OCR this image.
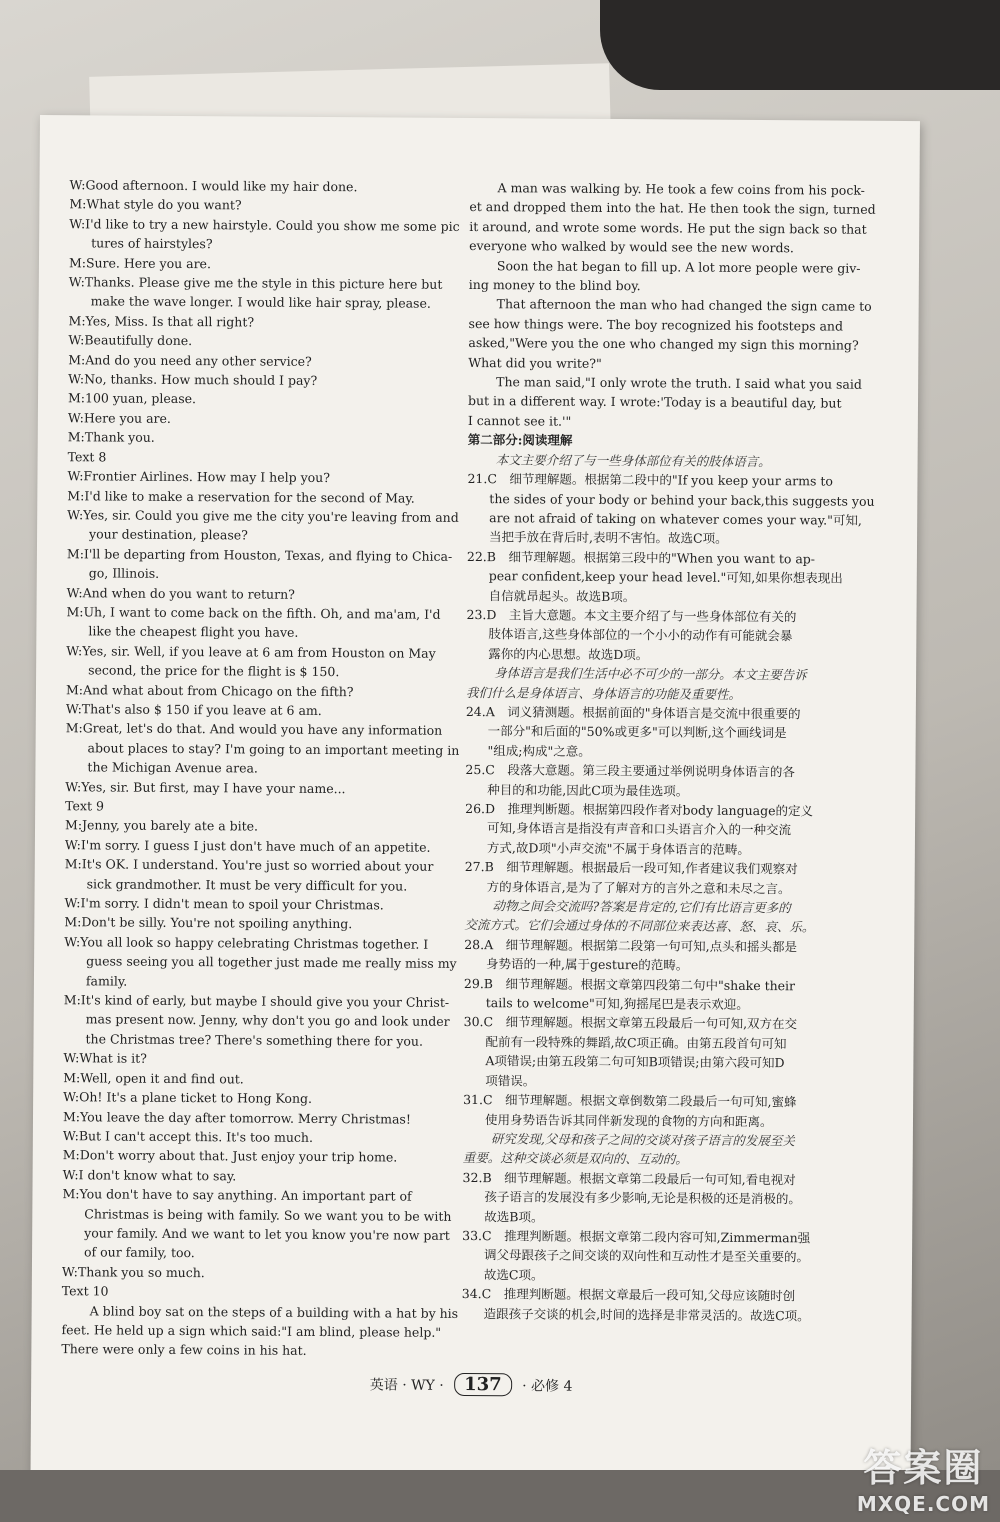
W:Good afternoon. I would like my hair done.
M:What style do you want?
W:I'd like to try a new hairstyle. Could you show me some pic
tures of hairstyles?
M:Sure. Here you are.
W:Thanks. Please give me the style in this picture here but
make the wave longer. I would like hair spray, please.
M:Yes, Miss. Is that all right?
W:Beautifully done.
M:And do you need any other service?
W:No, thanks. How much should I pay?
M:100 yuan, please.
W:Here you are.
M:Thank you.
Text 8
W:Frontier Airlines. How may I help you?
M:I'd like to make a reservation for the second of May.
W:Yes, sir. Could you give me the city you're leaving from and
your destination, please?
M:I'll be departing from Houston, Texas, and flying to Chica-
go, Illinois.
W:And when do you want to return?
M:Uh, I want to come back on the fifth. Oh, and ma'am, I'd
like the cheapest flight you have.
W:Yes, sir. Well, if you leave at 6 am from Houston on May
second, the price for the flight is $ 150.
M:And what about from Chicago on the fifth?
W:That's also $ 150 if you leave at 6 am.
M:Great, let's do that. And would you have any information
about places to stay? I'm going to an important meeting in
the Michigan Avenue area.
W:Yes, sir. But first, may I have your name...
Text 9
M:Jenny, you barely ate a bite.
W:I'm sorry. I guess I just don't have much of an appetite.
M:It's OK. I understand. You're just so worried about your
sick grandmother. It must be very difficult for you.
W:I'm sorry. I didn't mean to spoil your Christmas.
M:Don't be silly. You're not spoiling anything.
W:You all look so happy celebrating Christmas together. I
guess seeing you all together just made me really miss my
family.
M:It's kind of early, but maybe I should give you your Christ-
mas present now. Jenny, why don't you go and look under
the Christmas tree? There's something there for you.
W:What is it?
M:Well, open it and find out.
W:Oh! It's a plane ticket to Hong Kong.
M:You leave the day after tomorrow. Merry Christmas!
W:But I can't accept this. It's too much.
M:Don't worry about that. Just enjoy your trip home.
W:I don't know what to say.
M:You don't have to say anything. An important part of
Christmas is being with family. So we want you to be with
your family. And we want to let you know you're now part
of our family, too.
W:Thank you so much.
Text 10
A blind boy sat on the steps of a building with a hat by his
feet. He held up a sign which said:"I am blind, please help."
There were only a few coins in his hat.
A man was walking by. He took a few coins from his pock-
et and dropped them into the hat. He then took the sign, turned
it around, and wrote some words. He put the sign back so that
everyone who walked by would see the new words.
Soon the hat began to fill up. A lot more people were giv-
ing money to the blind boy.
That afternoon the man who had changed the sign came to
see how things were. The boy recognized his footsteps and
asked,"Were you the one who changed my sign this morning?
What did you write?"
The man said,"I only wrote the truth. I said what you said
but in a different way. I wrote:'Today is a beautiful day, but
I cannot see it.'"
第二部分:阅读理解
本文主要介绍了与一些身体部位有关的肢体语言。
21.C　细节理解题。根据第二段中的"If you keep your arms to
the sides of your body or behind your back,this suggests you
are not afraid of taking on whatever comes your way."可知,
当把手放在背后时,表明不害怕。故选C项。
22.B　细节理解题。根据第三段中的"When you want to ap-
pear confident,keep your head level."可知,如果你想表现出
自信就昂起头。故选B项。
23.D　主旨大意题。本文主要介绍了与一些身体部位有关的
肢体语言,这些身体部位的一个小小的动作有可能就会暴
露你的内心思想。故选D项。
身体语言是我们生活中必不可少的一部分。本文主要告诉
我们什么是身体语言、身体语言的功能及重要性。
24.A　词义猜测题。根据前面的"身体语言是交流中很重要的
一部分"和后面的"50%或更多"可以判断,这个画线词是
"组成;构成"之意。
25.C　段落大意题。第三段主要通过举例说明身体语言的各
种目的和功能,因此C项为最佳选项。
26.D　推理判断题。根据第四段作者对body language的定义
可知,身体语言是指没有声音和口头语言介入的一种交流
方式,故D项"小声交流"不属于身体语言的范畴。
27.B　细节理解题。根据最后一段可知,作者建议我们观察对
方的身体语言,是为了了解对方的言外之意和未尽之言。
动物之间会交流吗?答案是肯定的,它们有比语言更多的
交流方式。它们会通过身体的不同部位来表达喜、怒、哀、乐。
28.A　细节理解题。根据第二段第一句可知,点头和摇头都是
身势语的一种,属于gesture的范畴。
29.B　细节理解题。根据文章第四段第二句中"shake their
tails to welcome"可知,狗摇尾巴是表示欢迎。
30.C　细节理解题。根据文章第五段最后一句可知,双方在交
配前有一段特殊的舞蹈,故C项正确。由第五段首句可知
A项错误;由第五段第二句可知B项错误;由第六段可知D
项错误。
31.C　细节理解题。根据文章倒数第二段最后一句可知,蜜蜂
使用身势语告诉其同伴新发现的食物的方向和距离。
研究发现,父母和孩子之间的交谈对孩子语言的发展至关
重要。这种交谈必须是双向的、互动的。
32.B　细节理解题。根据文章第二段最后一句可知,看电视对
孩子语言的发展没有多少影响,无论是积极的还是消极的。
故选B项。
33.C　推理判断题。根据文章第二段内容可知,Zimmerman强
调父母跟孩子之间交谈的双向性和互动性才是至关重要的。
故选C项。
34.C　推理判断题。根据文章最后一段可知,父母应该随时创
造跟孩子交谈的机会,时间的选择是非常灵活的。故选C项。
英语 · WY · 137 · 必修 4
答案圈
MXQE.COM
